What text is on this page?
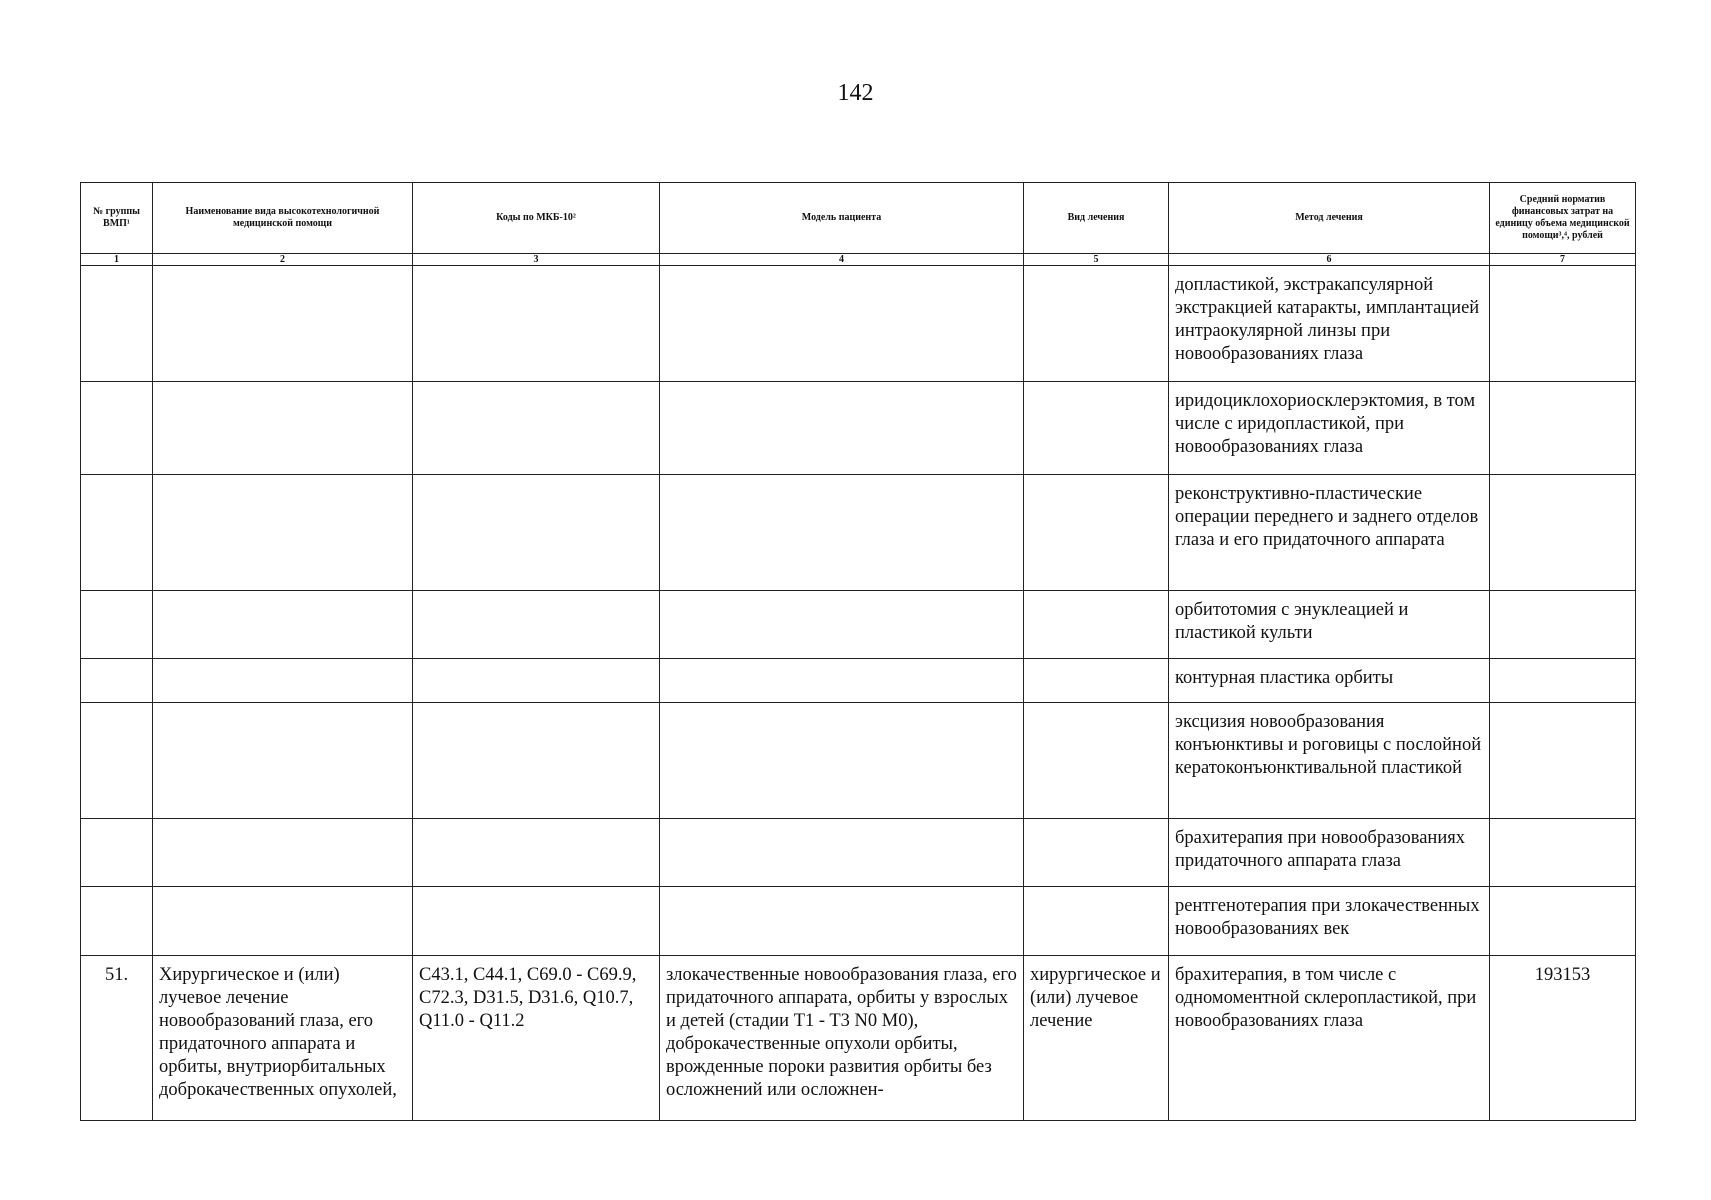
142
№ группы ВМП¹	Наименование вида высокотехнологичной медицинской помощи	Коды по МКБ-10²	Модель пациента	Вид лечения	Метод лечения	Средний норматив финансовых затрат на единицу объема медицинской помощи³,⁴, рублей
1	2	3	4	5	6	7
					допластикой, экстракапсулярной экстракцией катаракты, имплантацией интраокулярной линзы при новообразованиях глаза	
					иридоциклохориосклерэктомия, в том числе с иридопластикой, при новообразованиях глаза	
					реконструктивно-пластические операции переднего и заднего отделов глаза и его придаточного аппарата	
					орбитотомия с энуклеацией и пластикой культи	
					контурная пластика орбиты	
					эксцизия новообразования конъюнктивы и роговицы с послойной кератоконъюнктивальной пластикой	
					брахитерапия при новообразованиях придаточного аппарата глаза	
					рентгенотерапия при злокачественных новообразованиях век	
51.	Хирургическое и (или) лучевое лечение новообразований глаза, его придаточного аппарата и орбиты, внутриорбитальных доброкачественных опухолей,	C43.1, C44.1, C69.0 - C69.9, C72.3, D31.5, D31.6, Q10.7, Q11.0 - Q11.2	злокачественные новообразования глаза, его придаточного аппарата, орбиты у взрослых и детей (стадии T1 - T3 N0 M0), доброкачественные опухоли орбиты, врожденные пороки развития орбиты без осложнений или осложнен-	хирургическое и (или) лучевое лечение	брахитерапия, в том числе с одномоментной склеропластикой, при новообразованиях глаза	193153
